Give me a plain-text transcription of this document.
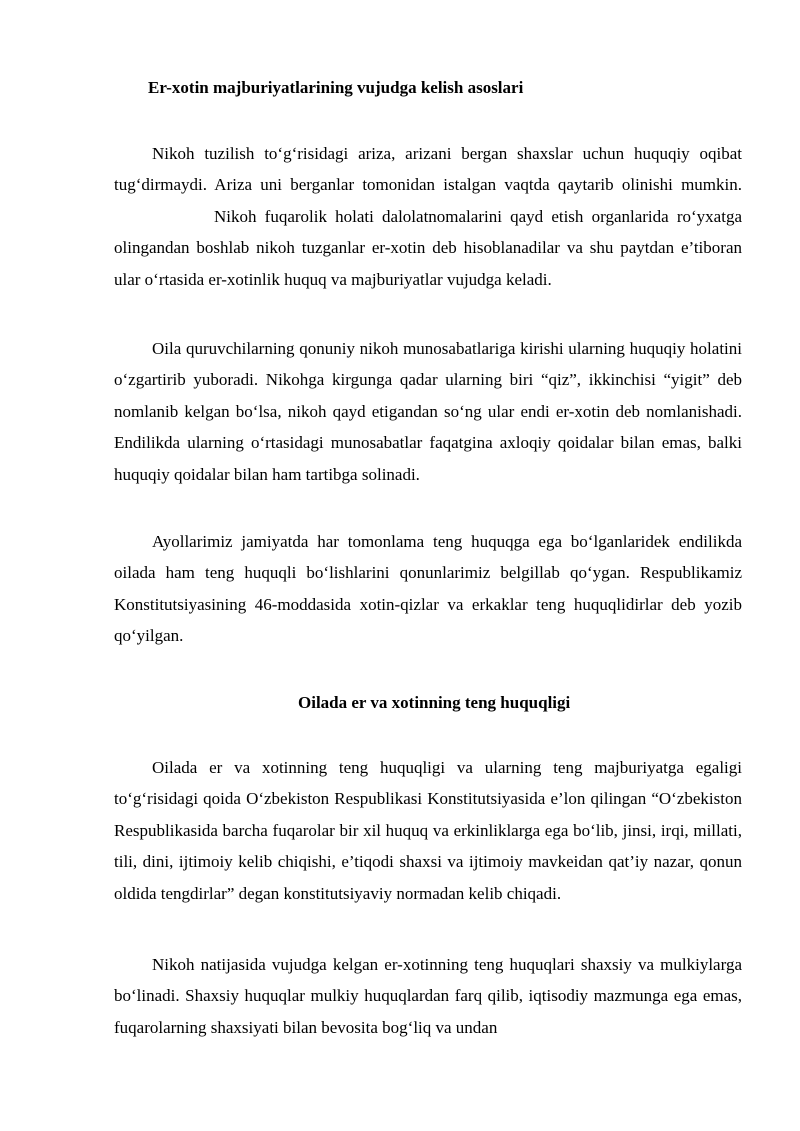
Er-xotin majburiyatlarining vujudga kelish asoslari

Nikoh tuzilish to‘g‘risidagi ariza, arizani bergan shaxslar uchun huquqiy oqibat tug‘dirmaydi. Ariza uni berganlar tomonidan istalgan vaqtda qaytarib olinishi mumkin.Nikoh fuqarolik holati dalolatnomalarini qayd etish organlarida ro‘yxatga olingandan boshlab nikoh tuzganlar er-xotin deb hisoblanadilar va shu paytdan e’tiboran ular o‘rtasida er-xotinlik huquq va majburiyatlar vujudga keladi.

Oila quruvchilarning qonuniy nikoh munosabatlariga kirishi ularning huquqiy holatini o‘zgartirib yuboradi. Nikohga kirgunga qadar ularning biri “qiz”, ikkinchisi “yigit” deb nomlanib kelgan bo‘lsa, nikoh qayd etigandan so‘ng ular endi er-xotin deb nomlanishadi. Endilikda ularning o‘rtasidagi munosabatlar faqatgina axloqiy qoidalar bilan emas, balki huquqiy qoidalar bilan ham tartibga solinadi.

Ayollarimiz jamiyatda har tomonlama teng huquqga ega bo‘lganlaridek endilikda oilada ham teng huquqli bo‘lishlarini qonunlarimiz belgillab qo‘ygan. Respublikamiz Konstitutsiyasining 46-moddasida xotin-qizlar va erkaklar teng huquqlidirlar deb yozib qo‘yilgan.

Oilada er va xotinning teng huquqligi

Oilada er va xotinning teng huquqligi va ularning teng majburiyatga egaligi to‘g‘risidagi qoida O‘zbekiston Respublikasi Konstitutsiyasida e’lon qilingan “O‘zbekiston Respublikasida barcha fuqarolar bir xil huquq va erkinliklarga ega bo‘lib, jinsi, irqi, millati, tili, dini, ijtimoiy kelib chiqishi, e’tiqodi shaxsi va ijtimoiy mavkeidan qat’iy nazar, qonun oldida tengdirlar” degan konstitutsiyaviy normadan kelib chiqadi.

Nikoh natijasida vujudga kelgan er-xotinning teng huquqlari shaxsiy va mulkiylarga bo‘linadi. Shaxsiy huquqlar mulkiy huquqlardan farq qilib, iqtisodiy mazmunga ega emas, fuqarolarning shaxsiyati bilan bevosita bog‘liq va undan
